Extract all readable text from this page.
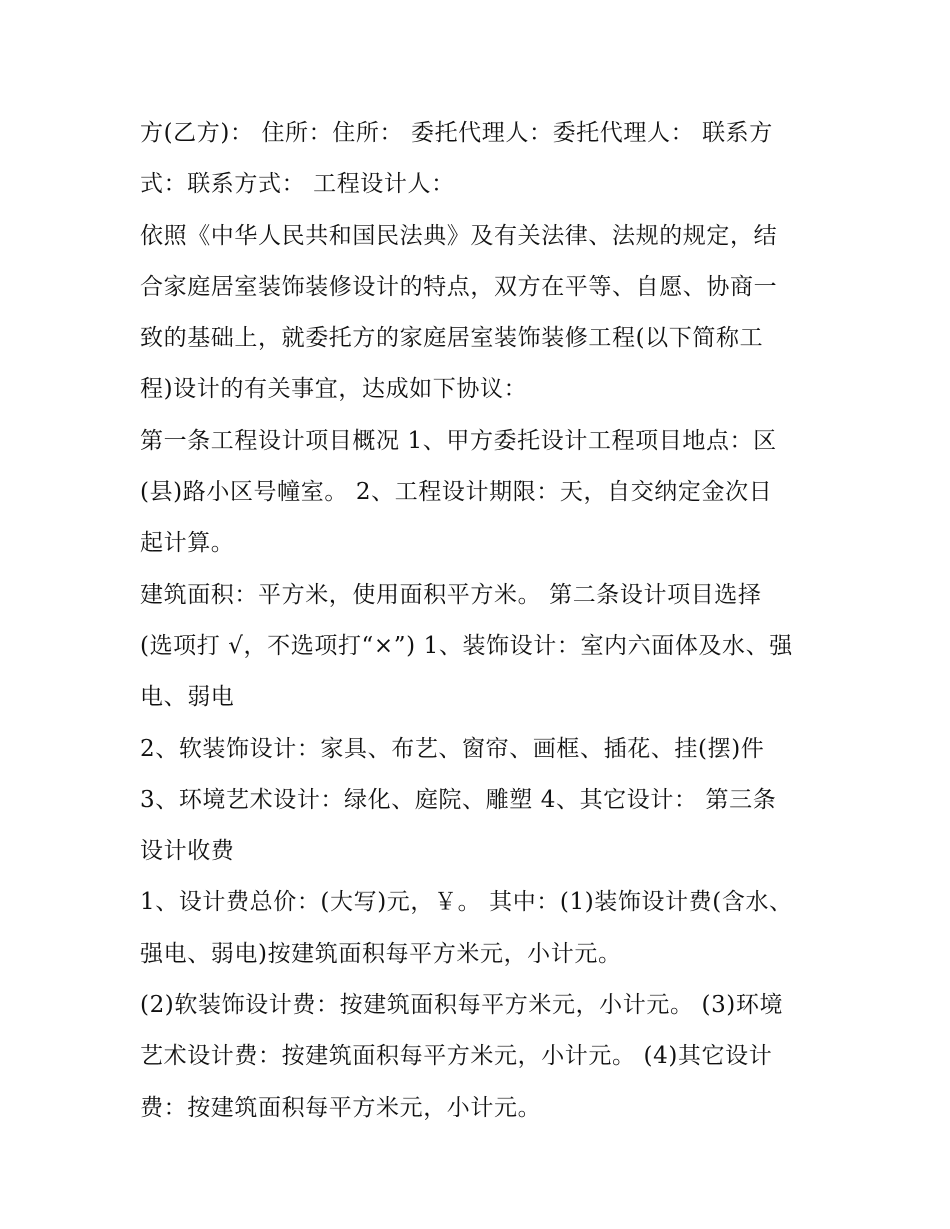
方(乙方)： 住所：住所： 委托代理人：委托代理人： 联系方
式：联系方式： 工程设计人：
依照《中华人民共和国民法典》及有关法律、法规的规定，结
合家庭居室装饰装修设计的特点，双方在平等、自愿、协商一
致的基础上，就委托方的家庭居室装饰装修工程(以下简称工
程)设计的有关事宜，达成如下协议：
第一条工程设计项目概况 1、甲方委托设计工程项目地点：区
(县)路小区号幢室。 2、工程设计期限：天，自交纳定金次日
起计算。
建筑面积：平方米，使用面积平方米。 第二条设计项目选择
(选项打 √，不选项打“×”) 1、装饰设计：室内六面体及水、强
电、弱电
2、软装饰设计：家具、布艺、窗帘、画框、插花、挂(摆)件
3、环境艺术设计：绿化、庭院、雕塑 4、其它设计： 第三条
设计收费
1、设计费总价：(大写)元，￥。 其中：(1)装饰设计费(含水、
强电、弱电)按建筑面积每平方米元，小计元。
(2)软装饰设计费：按建筑面积每平方米元，小计元。 (3)环境
艺术设计费：按建筑面积每平方米元，小计元。 (4)其它设计
费：按建筑面积每平方米元，小计元。
